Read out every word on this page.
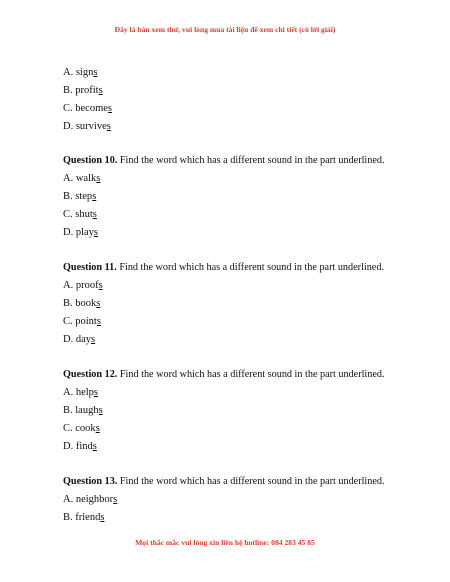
Đây là bản xem thử, vui lòng mua tài liệu để xem chi tiết (có lời giải)
A. signs
B. profits
C. becomes
D. survives
Question 10. Find the word which has a different sound in the part underlined.
A. walks
B. steps
C. shuts
D. plays
Question 11. Find the word which has a different sound in the part underlined.
A. proofs
B. books
C. points
D. days
Question 12. Find the word which has a different sound in the part underlined.
A. helps
B. laughs
C. cooks
D. finds
Question 13. Find the word which has a different sound in the part underlined.
A. neighbors
B. friends
Mọi thắc mắc vui lòng xin liên hệ hotline: 084 283 45 85
